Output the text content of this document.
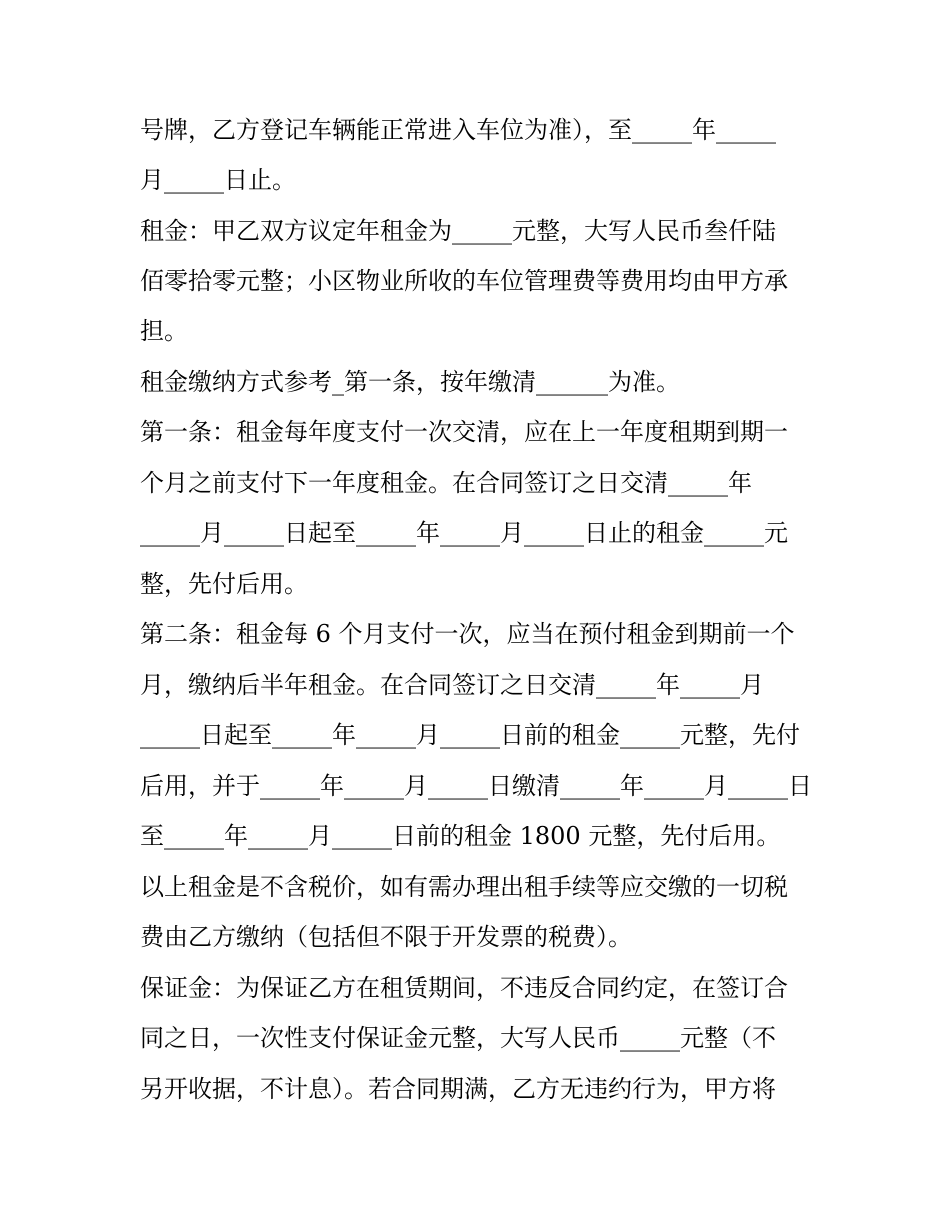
号牌，乙方登记车辆能正常进入车位为准），至_____年_____
月_____日止。
租金：甲乙双方议定年租金为_____元整，大写人民币叁仟陆
佰零拾零元整；小区物业所收的车位管理费等费用均由甲方承
担。
租金缴纳方式参考_第一条，按年缴清______为准。
第一条：租金每年度支付一次交清，应在上一年度租期到期一
个月之前支付下一年度租金。在合同签订之日交清_____年
_____月_____日起至_____年_____月_____日止的租金_____元
整，先付后用。
第二条：租金每 6 个月支付一次，应当在预付租金到期前一个
月，缴纳后半年租金。在合同签订之日交清_____年_____月
_____日起至_____年_____月_____日前的租金_____元整，先付
后用，并于_____年_____月_____日缴清_____年_____月_____日
至_____年_____月_____日前的租金 1800 元整，先付后用。
以上租金是不含税价，如有需办理出租手续等应交缴的一切税
费由乙方缴纳（包括但不限于开发票的税费）。
保证金：为保证乙方在租赁期间，不违反合同约定，在签订合
同之日，一次性支付保证金元整，大写人民币_____元整（不
另开收据，不计息）。若合同期满，乙方无违约行为，甲方将
